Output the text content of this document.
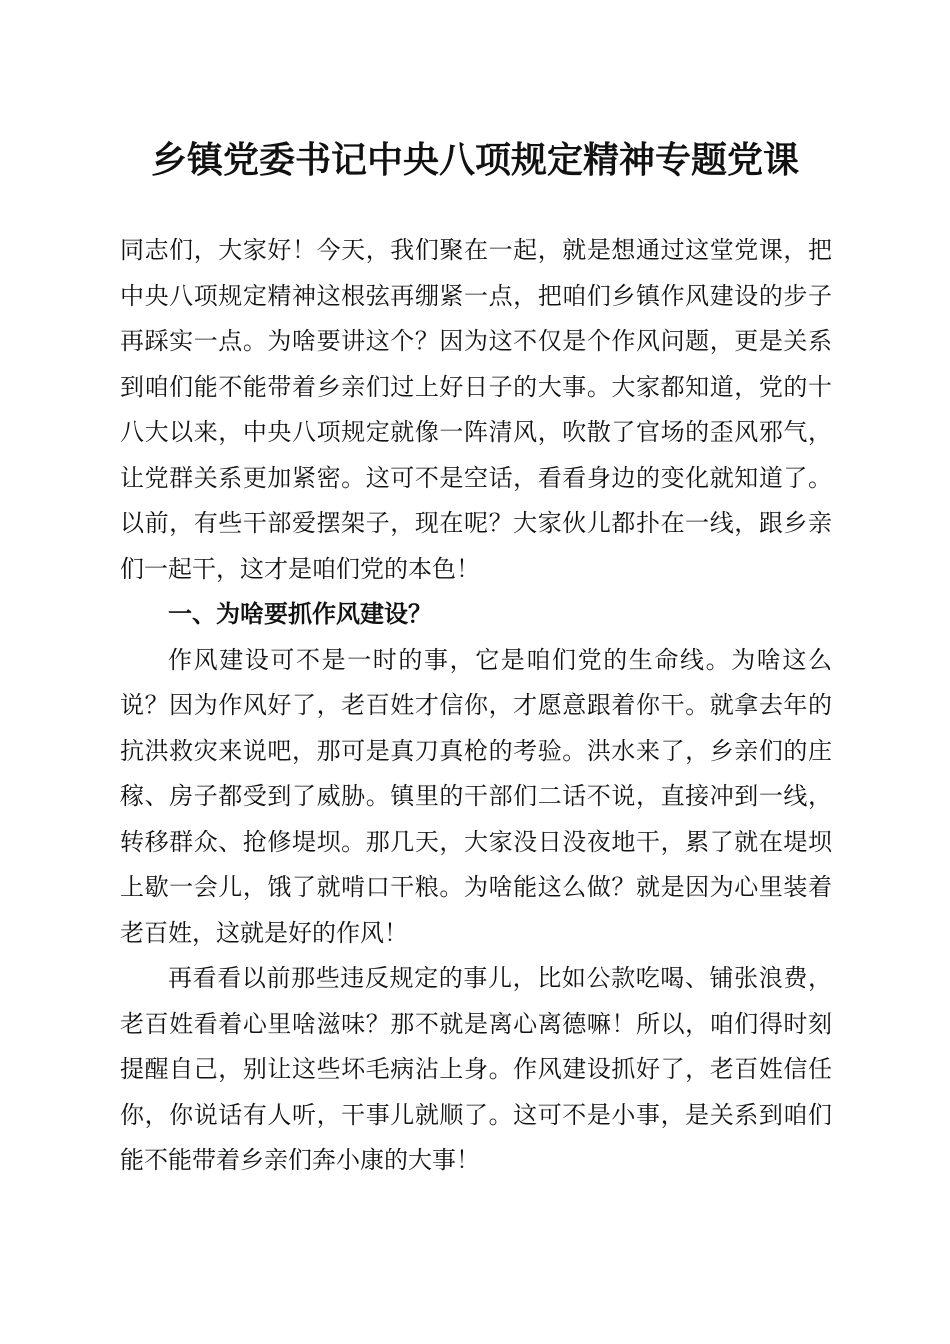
乡镇党委书记中央八项规定精神专题党课

同志们，大家好！今天，我们聚在一起，就是想通过这堂党课，把中央八项规定精神这根弦再绷紧一点，把咱们乡镇作风建设的步子再踩实一点。为啥要讲这个？因为这不仅是个作风问题，更是关系到咱们能不能带着乡亲们过上好日子的大事。大家都知道，党的十八大以来，中央八项规定就像一阵清风，吹散了官场的歪风邪气，让党群关系更加紧密。这可不是空话，看看身边的变化就知道了。以前，有些干部爱摆架子，现在呢？大家伙儿都扑在一线，跟乡亲们一起干，这才是咱们党的本色！

一、为啥要抓作风建设？

作风建设可不是一时的事，它是咱们党的生命线。为啥这么说？因为作风好了，老百姓才信你，才愿意跟着你干。就拿去年的抗洪救灾来说吧，那可是真刀真枪的考验。洪水来了，乡亲们的庄稼、房子都受到了威胁。镇里的干部们二话不说，直接冲到一线，转移群众、抢修堤坝。那几天，大家没日没夜地干，累了就在堤坝上歇一会儿，饿了就啃口干粮。为啥能这么做？就是因为心里装着老百姓，这就是好的作风！

再看看以前那些违反规定的事儿，比如公款吃喝、铺张浪费，老百姓看着心里啥滋味？那不就是离心离德嘛！所以，咱们得时刻提醒自己，别让这些坏毛病沾上身。作风建设抓好了，老百姓信任你，你说话有人听，干事儿就顺了。这可不是小事，是关系到咱们能不能带着乡亲们奔小康的大事！
